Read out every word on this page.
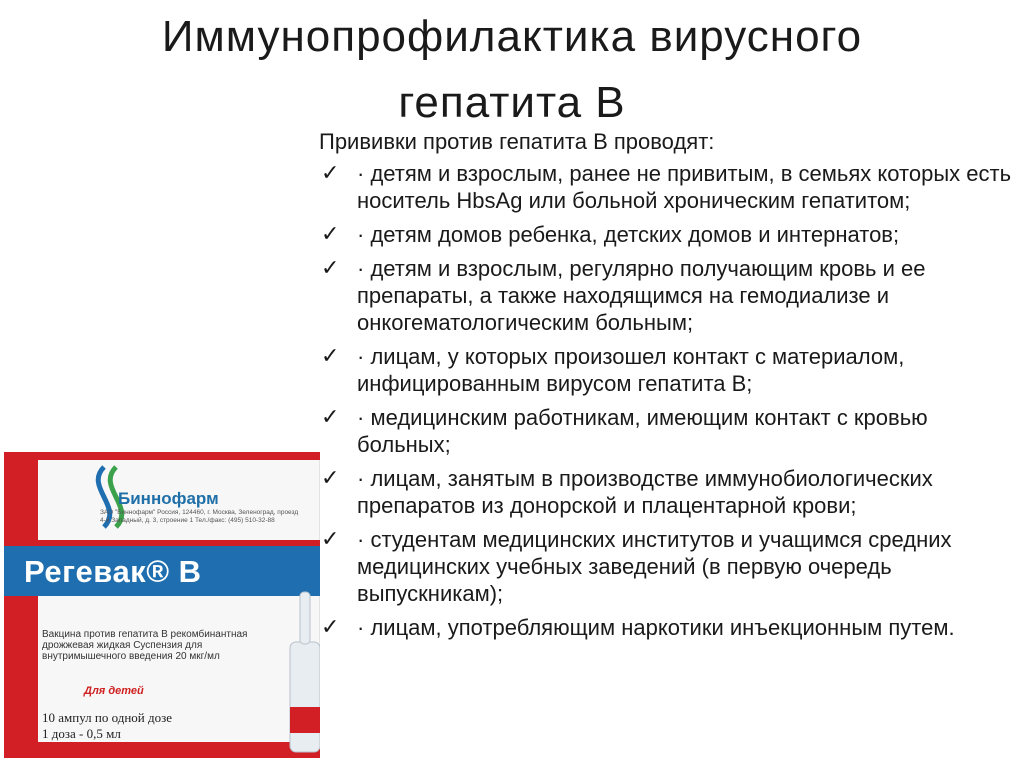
Иммунопрофилактика вирусного
гепатита В
Прививки против гепатита В проводят:
✓ · детям и взрослым, ранее не привитым, в семьях которых есть носитель HbsAg или больной хроническим гепатитом;
✓ · детям домов ребенка, детских домов и интернатов;
✓ · детям и взрослым, регулярно получающим кровь и ее препараты, а также находящимся на гемодиализе и онкогематологическим больным;
✓ · лицам, у которых произошел контакт с материалом, инфицированным вирусом гепатита В;
✓ · медицинским работникам, имеющим контакт с кровью больных;
✓ · лицам, занятым в производстве иммунобиологических препаратов из донорской и плацентарной крови;
✓ · студентам медицинских институтов и учащимся средних медицинских учебных заведений (в первую очередь выпускникам);
✓ · лицам, употребляющим наркотики инъекционным путем.
Биннофарм
ЗАО "Биннофарм" Россия, 124460, г. Москва, Зеленоград, проезд 4-й Западный, д. 3, строение 1 Тел./факс: (495) 510-32-88
Регевак® В
Вакцина против гепатита В рекомбинантная дрожжевая жидкая Суспензия для внутримышечного введения 20 мкг/мл
Для детей
10 ампул по одной дозе
1 доза - 0,5 мл
